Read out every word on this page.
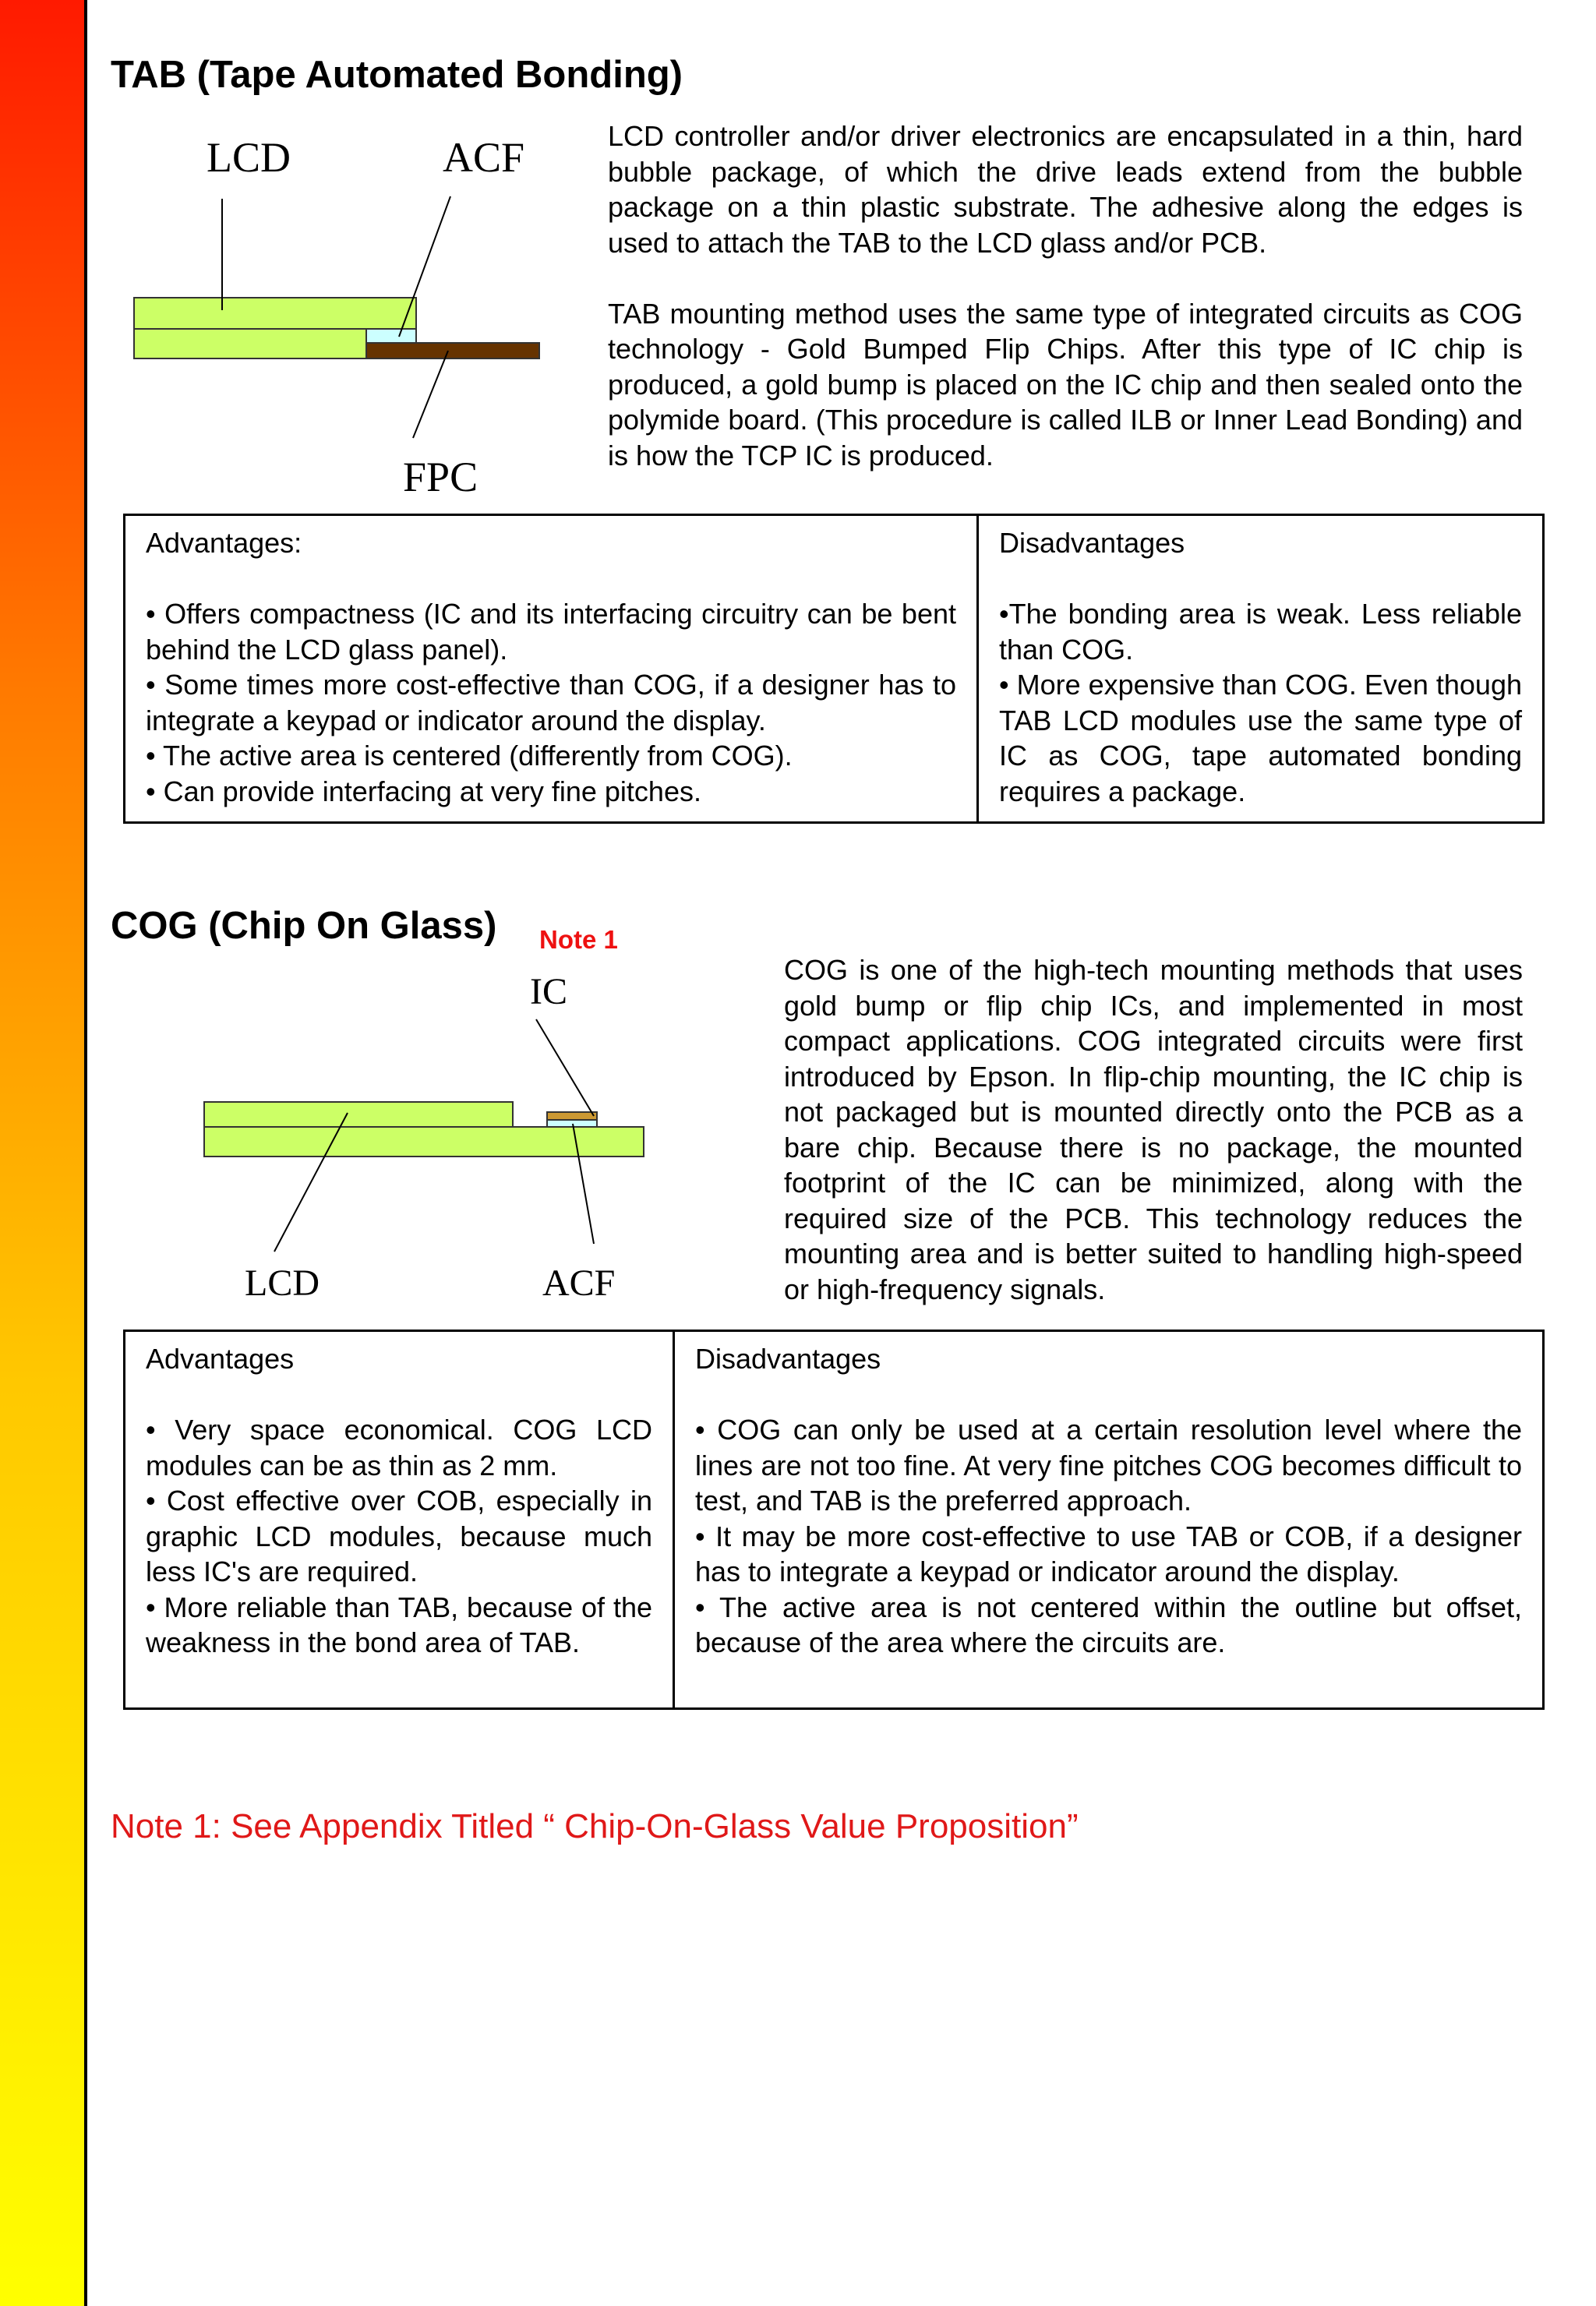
TAB (Tape Automated Bonding)
LCD	ACF
FPC

LCD controller and/or driver electronics are encapsulated in a thin, hard bubble package, of which the drive leads extend from the bubble package on a thin plastic substrate. The adhesive along the edges is used to attach the TAB to the LCD glass and/or PCB.

TAB mounting method uses the same type of integrated circuits as COG technology - Gold Bumped Flip Chips. After this type of IC chip is produced, a gold bump is placed on the IC chip and then sealed onto the polymide board. (This procedure is called ILB or Inner Lead Bonding) and is how the TCP IC is produced.

Advantages:

• Offers compactness (IC and its interfacing circuitry can be bent behind the LCD glass panel).
• Some times more cost-effective than COG, if a designer has to integrate a keypad or indicator around the display.
• The active area is centered (differently from COG).
• Can provide interfacing at very fine pitches.

Disadvantages

•The bonding area is weak. Less reliable than COG.
• More expensive than COG. Even though TAB LCD modules use the same type of IC as COG, tape automated bonding requires a package.
COG (Chip On Glass) Note 1
IC
LCD	ACF

COG is one of the high-tech mounting methods that uses gold bump or flip chip ICs, and implemented in most compact applications. COG integrated circuits were first introduced by Epson. In flip-chip mounting, the IC chip is not packaged but is mounted directly onto the PCB as a bare chip. Because there is no package, the mounted footprint of the IC can be minimized, along with the required size of the PCB. This technology reduces the mounting area and is better suited to handling high-speed or high-frequency signals.

Advantages

• Very space economical. COG LCD modules can be as thin as 2 mm.
• Cost effective over COB, especially in graphic LCD modules, because much less IC's are required.
• More reliable than TAB, because of the weakness in the bond area of TAB.

Disadvantages

• COG can only be used at a certain resolution level where the lines are not too fine. At very fine pitches COG becomes difficult to test, and TAB is the preferred approach.
• It may be more cost-effective to use TAB or COB, if a designer has to integrate a keypad or indicator around the display.
• The active area is not centered within the outline but offset, because of the area where the circuits are.
Note 1: See Appendix Titled “ Chip-On-Glass Value Proposition”
